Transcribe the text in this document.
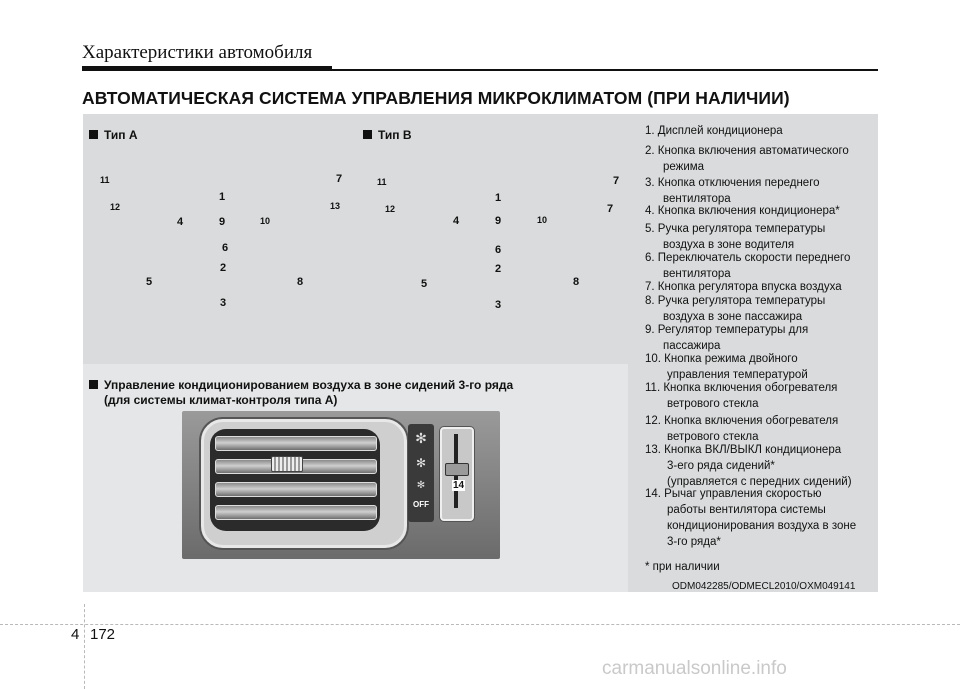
Характеристики автомобиля
АВТОМАТИЧЕСКАЯ СИСТЕМА УПРАВЛЕНИЯ МИКРОКЛИМАТОМ (ПРИ НАЛИЧИИ)
Тип А
11
12
1
4	9	10
7
13
6
2
5	8
3
Тип В
11
12
1
4	9	10
7
7
6
2
5	8
3
Управление кондиционированием воздуха в зоне сидений 3-го ряда
(для системы климат-контроля типа А)
✻
✻
✻
OFF
14
1. Дисплей кондиционера
2. Кнопка включения автоматического
режима
3. Кнопка отключения переднего
вентилятора
4. Кнопка включения кондиционера*
5. Ручка регулятора температуры
воздуха в зоне водителя
6. Переключатель скорости переднего
вентилятора
7. Кнопка регулятора впуска воздуха
8. Ручка регулятора температуры
воздуха в зоне пассажира
9. Регулятор температуры для
пассажира
10. Кнопка режима двойного
управления температурой
11. Кнопка включения обогревателя
ветрового стекла
12. Кнопка включения обогревателя
ветрового стекла
13. Кнопка ВКЛ/ВЫКЛ кондиционера
3-его ряда сидений*
(управляется с передних сидений)
14. Рычаг управления скоростью
работы вентилятора системы
кондиционирования воздуха в зоне
3-го ряда*
* при наличии
ODM042285/ODMECL2010/OXM049141
4 172
carmanualsonline.info
